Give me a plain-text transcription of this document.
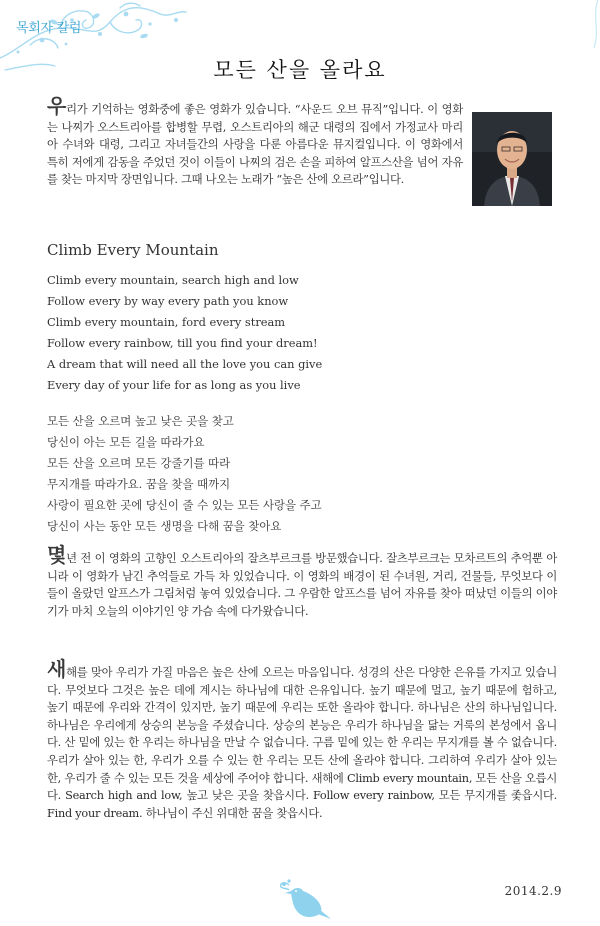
목회자 칼럼
모든 산을 올라요

우리가 기억하는 영화중에 좋은 영화가 있습니다. “사운드 오브 뮤직”입니다. 이 영화는 나찌가 오스트리아를 합병할 무렵, 오스트리아의 해군 대령의 집에서 가정교사 마리아 수녀와 대령, 그리고 자녀들간의 사랑을 다룬 아름다운 뮤지컬입니다. 이 영화에서 특히 저에게 감동을 주었던 것이 이들이 나찌의 검은 손을 피하여 알프스산을 넘어 자유를 찾는 마지막 장면입니다. 그때 나오는 노래가 “높은 산에 오르라”입니다.

Climb Every Mountain
Climb every mountain, search high and low
Follow every by way every path you know
Climb every mountain, ford every stream
Follow every rainbow, till you find your dream!
A dream that will need all the love you can give
Every day of your life for as long as you live
모든 산을 오르며 높고 낮은 곳을 찾고
당신이 아는 모든 길을 따라가요
모든 산을 오르며 모든 강줄기를 따라
무지개를 따라가요. 꿈을 찾을 때까지
사랑이 필요한 곳에 당신이 줄 수 있는 모든 사랑을 주고
당신이 사는 동안 모든 생명을 다해 꿈을 찾아요

몇년 전 이 영화의 고향인 오스트리아의 잘츠부르크를 방문했습니다. 잘츠부르크는 모차르트의 추억뿐 아니라 이 영화가 남긴 추억들로 가득 차 있었습니다. 이 영화의 배경이 된 수녀원, 거리, 건물들, 무엇보다 이들이 올랐던 알프스가 그림처럼 놓여 있었습니다. 그 우람한 알프스를 넘어 자유를 찾아 떠났던 이들의 이야기가 마치 오늘의 이야기인 양 가슴 속에 다가왔습니다.

새해를 맞아 우리가 가질 마음은 높은 산에 오르는 마음입니다. 성경의 산은 다양한 은유를 가지고 있습니다. 무엇보다 그것은 높은 데에 계시는 하나님에 대한 은유입니다. 높기 때문에 멀고, 높기 때문에 험하고, 높기 때문에 우리와 간격이 있지만, 높기 때문에 우리는 또한 올라야 합니다. 하나님은 산의 하나님입니다. 하나님은 우리에게 상승의 본능을 주셨습니다. 상승의 본능은 우리가 하나님을 닮는 거룩의 본성에서 옵니다. 산 밑에 있는 한 우리는 하나님을 만날 수 없습니다. 구름 밑에 있는 한 우리는 무지개를 볼 수 없습니다. 우리가 살아 있는 한, 우리가 오를 수 있는 한 우리는 모든 산에 올라야 합니다. 그리하여 우리가 살아 있는 한, 우리가 줄 수 있는 모든 것을 세상에 주어야 합니다. 새해에 Climb every mountain, 모든 산을 오릅시다. Search high and low, 높고 낮은 곳을 찾읍시다. Follow every rainbow, 모든 무지개를 좇읍시다. Find your dream. 하나님이 주신 위대한 꿈을 찾읍시다.

2014.2.9
